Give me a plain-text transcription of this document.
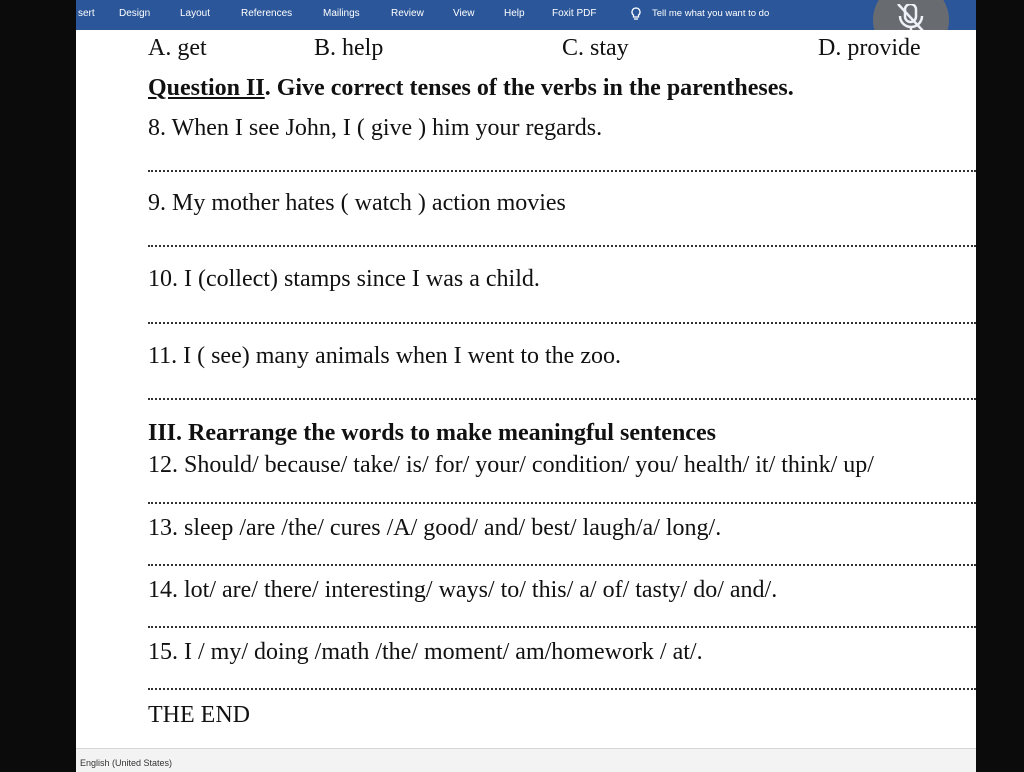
sert Design	Layout	References	Mailings	Review	View	Help	Foxit PDF	Tell me what you want to do
A. get	B. help	C. stay	D. provide
Question II. Give correct tenses of the verbs in the parentheses.
8. When I see John, I ( give ) him your regards.
9. My mother hates ( watch ) action movies
10. I (collect) stamps since I was a child.
11. I ( see) many animals when I went to the zoo.
III. Rearrange the words to make meaningful sentences
12. Should/ because/ take/ is/ for/ your/ condition/ you/ health/ it/ think/ up/
13. sleep /are /the/ cures /A/ good/ and/ best/ laugh/a/ long/.
14. lot/ are/ there/ interesting/ ways/ to/ this/ a/ of/ tasty/ do/ and/.
15. I / my/ doing /math /the/ moment/ am/homework / at/.
THE END
English (United States)
